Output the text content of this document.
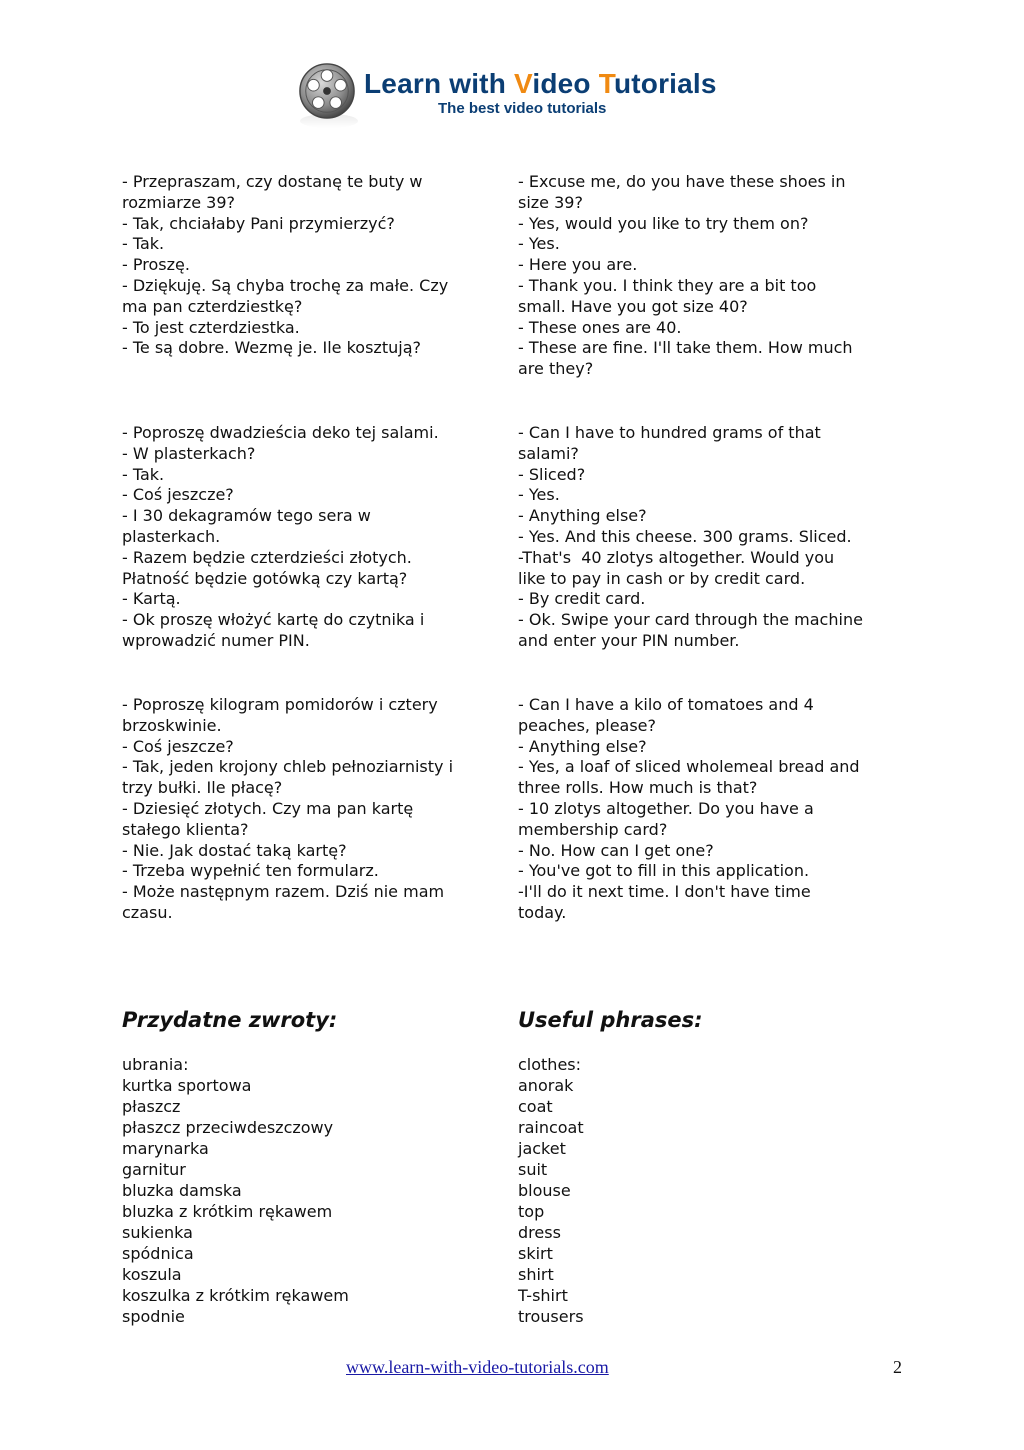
Learn with Video Tutorials
The best video tutorials

- Przepraszam, czy dostanę te buty w
rozmiarze 39?
- Tak, chciałaby Pani przymierzyć?
- Tak.
- Proszę.
- Dziękuję. Są chyba trochę za małe. Czy
ma pan czterdziestkę?
- To jest czterdziestka.
- Te są dobre. Wezmę je. Ile kosztują?

- Excuse me, do you have these shoes in
size 39?
- Yes, would you like to try them on?
- Yes.
- Here you are.
- Thank you. I think they are a bit too
small. Have you got size 40?
- These ones are 40.
- These are fine. I'll take them. How much
are they?

- Poproszę dwadzieścia deko tej salami.
- W plasterkach?
- Tak.
- Coś jeszcze?
- I 30 dekagramów tego sera w
plasterkach.
- Razem będzie czterdzieści złotych.
Płatność będzie gotówką czy kartą?
- Kartą.
- Ok proszę włożyć kartę do czytnika i
wprowadzić numer PIN.

- Can I have to hundred grams of that
salami?
- Sliced?
- Yes.
- Anything else?
- Yes. And this cheese. 300 grams. Sliced.
-That's  40 zlotys altogether. Would you
like to pay in cash or by credit card.
- By credit card.
- Ok. Swipe your card through the machine
and enter your PIN number.

- Poproszę kilogram pomidorów i cztery
brzoskwinie.
- Coś jeszcze?
- Tak, jeden krojony chleb pełnoziarnisty i
trzy bułki. Ile płacę?
- Dziesięć złotych. Czy ma pan kartę
stałego klienta?
- Nie. Jak dostać taką kartę?
- Trzeba wypełnić ten formularz.
- Może następnym razem. Dziś nie mam
czasu.

- Can I have a kilo of tomatoes and 4
peaches, please?
- Anything else?
- Yes, a loaf of sliced wholemeal bread and
three rolls. How much is that?
- 10 zlotys altogether. Do you have a
membership card?
- No. How can I get one?
- You've got to fill in this application.
-I'll do it next time. I don't have time
today.

Przydatne zwroty:	Useful phrases:
ubrania:
kurtka sportowa
płaszcz
płaszcz przeciwdeszczowy
marynarka
garnitur
bluzka damska
bluzka z krótkim rękawem
sukienka
spódnica
koszula
koszulka z krótkim rękawem
spodnie
clothes:
anorak
coat
raincoat
jacket
suit
blouse
top
dress
skirt
shirt
T-shirt
trousers
www.learn-with-video-tutorials.com	2
